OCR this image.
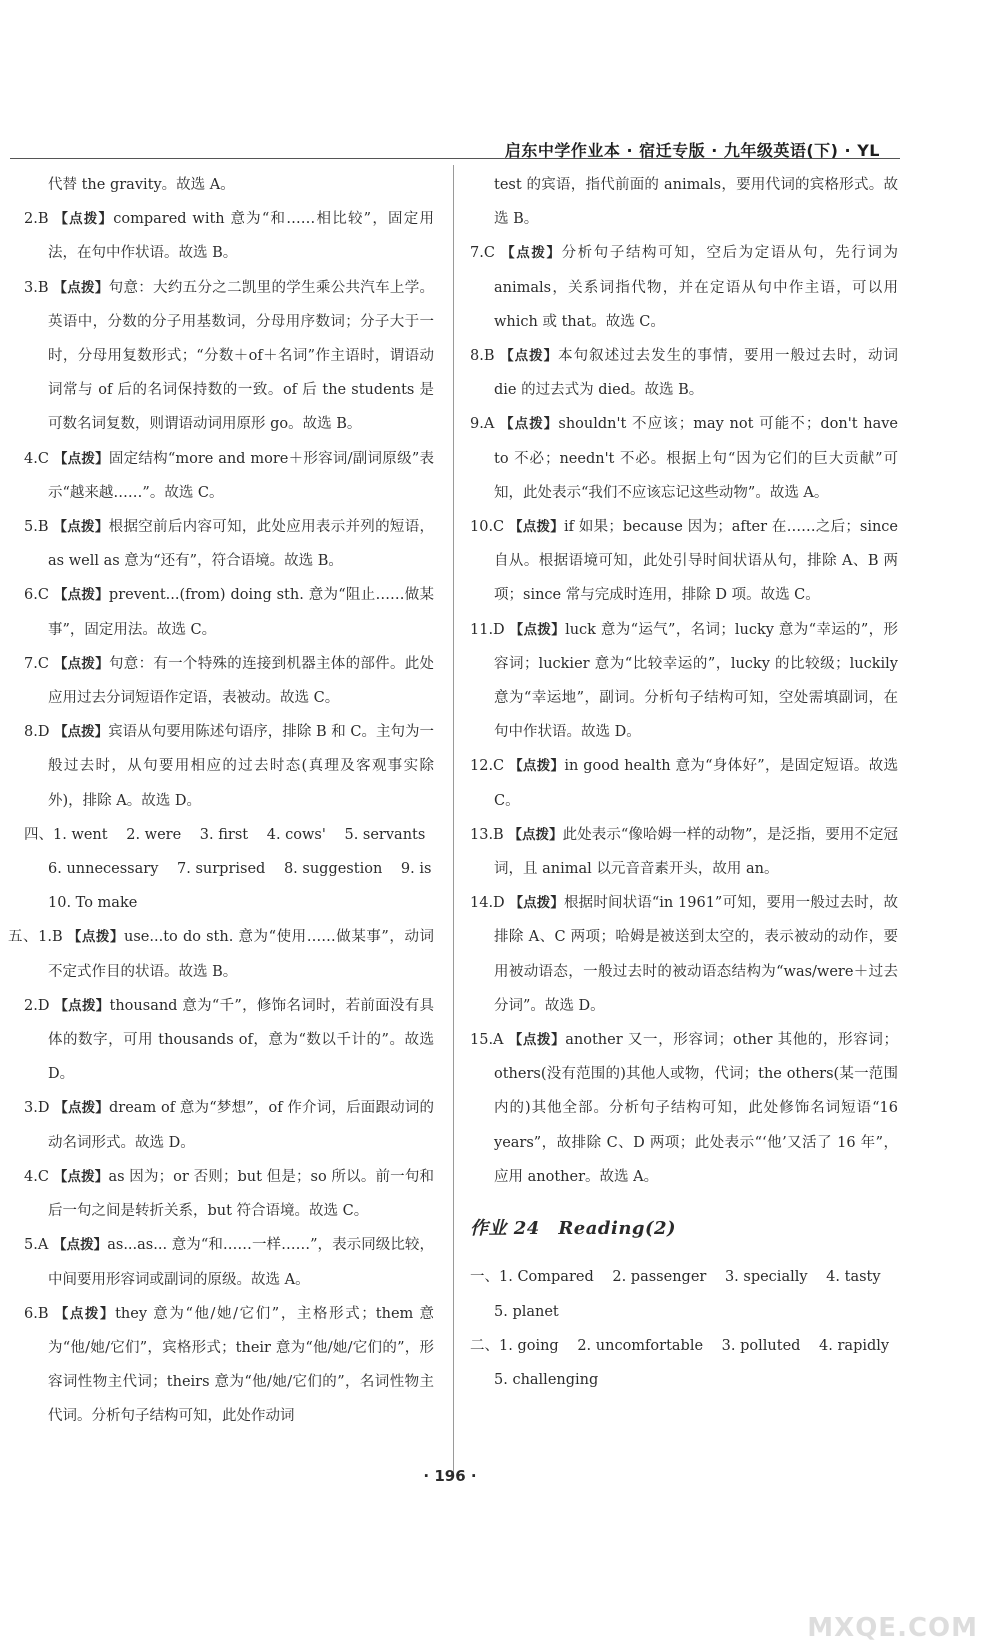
启东中学作业本 · 宿迁专版 · 九年级英语(下) · YL
代替 the gravity。故选 A。
2.B 【点拨】compared with 意为“和……相比较”，固定用法，在句中作状语。故选 B。
3.B 【点拨】句意：大约五分之二凯里的学生乘公共汽车上学。英语中，分数的分子用基数词，分母用序数词；分子大于一时，分母用复数形式；“分数＋of＋名词”作主语时，谓语动词常与 of 后的名词保持数的一致。of 后 the students 是可数名词复数，则谓语动词用原形 go。故选 B。
4.C 【点拨】固定结构“more and more＋形容词/副词原级”表示“越来越……”。故选 C。
5.B 【点拨】根据空前后内容可知，此处应用表示并列的短语，as well as 意为“还有”，符合语境。故选 B。
6.C 【点拨】prevent...(from) doing sth. 意为“阻止……做某事”，固定用法。故选 C。
7.C 【点拨】句意：有一个特殊的连接到机器主体的部件。此处应用过去分词短语作定语，表被动。故选 C。
8.D 【点拨】宾语从句要用陈述句语序，排除 B 和 C。主句为一般过去时，从句要用相应的过去时态(真理及客观事实除外)，排除 A。故选 D。
四、1. went 2. were 3. first 4. cows' 5. servants
6. unnecessary 7. surprised 8. suggestion 9. is
10. To make
五、1.B 【点拨】use...to do sth. 意为“使用……做某事”，动词不定式作目的状语。故选 B。
2.D 【点拨】thousand 意为“千”，修饰名词时，若前面没有具体的数字，可用 thousands of，意为“数以千计的”。故选 D。
3.D 【点拨】dream of 意为“梦想”，of 作介词，后面跟动词的动名词形式。故选 D。
4.C 【点拨】as 因为；or 否则；but 但是；so 所以。前一句和后一句之间是转折关系，but 符合语境。故选 C。
5.A 【点拨】as...as... 意为“和……一样……”，表示同级比较，中间要用形容词或副词的原级。故选 A。
6.B 【点拨】they 意为“他/她/它们”，主格形式；them 意为“他/她/它们”，宾格形式；their 意为“他/她/它们的”，形容词性物主代词；theirs 意为“他/她/它们的”，名词性物主代词。分析句子结构可知，此处作动词
test 的宾语，指代前面的 animals，要用代词的宾格形式。故选 B。
7.C 【点拨】分析句子结构可知，空后为定语从句，先行词为 animals，关系词指代物，并在定语从句中作主语，可以用 which 或 that。故选 C。
8.B 【点拨】本句叙述过去发生的事情，要用一般过去时，动词 die 的过去式为 died。故选 B。
9.A 【点拨】shouldn't 不应该；may not 可能不；don't have to 不必；needn't 不必。根据上句“因为它们的巨大贡献”可知，此处表示“我们不应该忘记这些动物”。故选 A。
10.C 【点拨】if 如果；because 因为；after 在……之后；since 自从。根据语境可知，此处引导时间状语从句，排除 A、B 两项；since 常与完成时连用，排除 D 项。故选 C。
11.D 【点拨】luck 意为“运气”，名词；lucky 意为“幸运的”，形容词；luckier 意为“比较幸运的”，lucky 的比较级；luckily 意为“幸运地”，副词。分析句子结构可知，空处需填副词，在句中作状语。故选 D。
12.C 【点拨】in good health 意为“身体好”，是固定短语。故选 C。
13.B 【点拨】此处表示“像哈姆一样的动物”，是泛指，要用不定冠词，且 animal 以元音音素开头，故用 an。
14.D 【点拨】根据时间状语“in 1961”可知，要用一般过去时，故排除 A、C 两项；哈姆是被送到太空的，表示被动的动作，要用被动语态，一般过去时的被动语态结构为“was/were＋过去分词”。故选 D。
15.A 【点拨】another 又一，形容词；other 其他的，形容词；others(没有范围的)其他人或物，代词；the others(某一范围内的)其他全部。分析句子结构可知，此处修饰名词短语“16 years”，故排除 C、D 两项；此处表示“‘他’又活了 16 年”，应用 another。故选 A。
作业 24　Reading(2)
一、1. Compared 2. passenger 3. specially 4. tasty
5. planet
二、1. going 2. uncomfortable 3. polluted 4. rapidly
5. challenging
· 196 ·
MXQE.COM
